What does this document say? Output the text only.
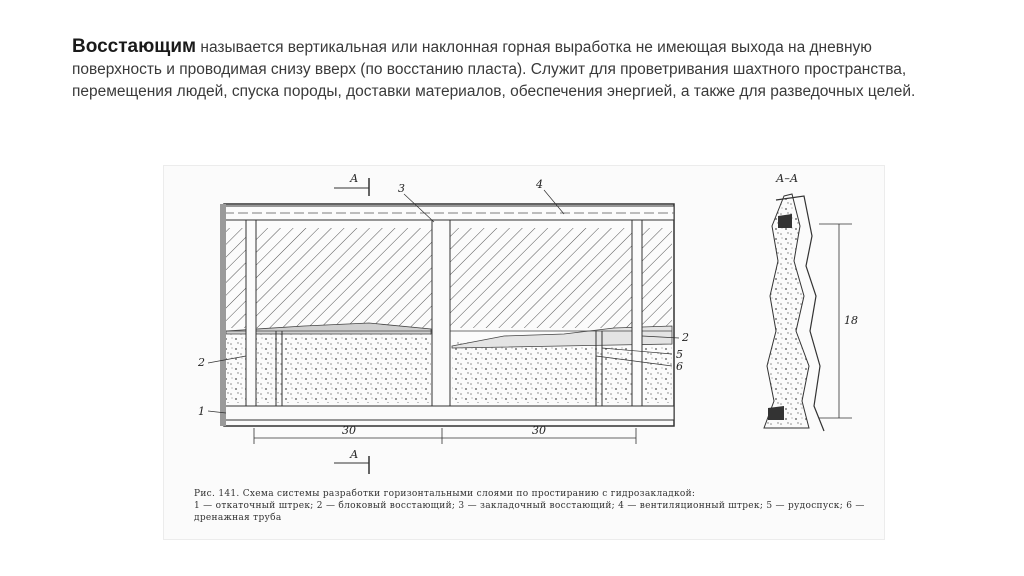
Восстающим называется вертикальная или наклонная горная выработка не имеющая выхода на дневную поверхность и проводимая снизу вверх (по восстанию пласта). Служит для проветривания шахтного пространства, перемещения людей, спуска породы, доставки материалов, обеспечения энергией, а также для разведочных целей.

А
А
А–А
3	4
2
1
2
5
6
30	30
18
Рис. 141. Схема системы разработки горизонтальными слоями по простиранию с гидрозакладкой:
1 — откаточный штрек; 2 — блоковый восстающий; 3 — закладочный восстающий; 4 — вентиляционный штрек; 5 — рудоспуск; 6 — дренажная труба
